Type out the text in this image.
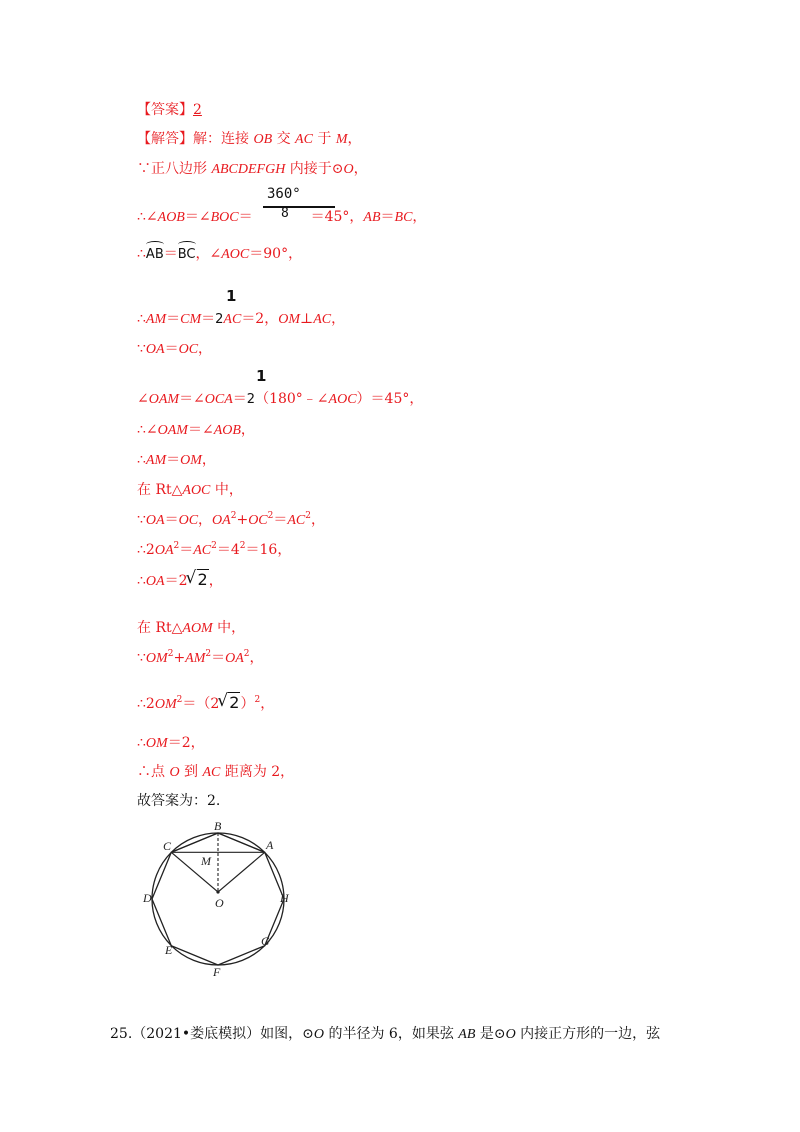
【答案】2
【解答】解：连接 OB 交 AC 于 M，
∵正八边形 ABCDEFGH 内接于⊙O，
∴∠AOB＝∠BOC＝	＝45°，AB＝BC，
360°
8
∴AB＝BC，∠AOC＝90°，
1
∴AM＝CM＝2AC＝2，OM⊥AC，
∵OA＝OC，
1
∠OAM＝∠OCA＝2（180°﹣∠AOC）＝45°，
∴∠OAM＝∠AOB，
∴AM＝OM，
在 Rt△AOC 中，
∵OA＝OC，$OA^2+OC^2=AC^2$，
$\therefore 2OA^2=AC^2=4^2=16$，
∴OA＝2√ 2，
在 Rt△AOM 中，
$\because OM^2+AM^2=OA^2$，
$\therefore 2OM^2=(2√$ 2）$^2$，
∴OM＝2，
∴点 O 到 AC 距离为 2，
故答案为：2.
B
C	A
M
D	H
O
E
G
F
25.（2021•娄底模拟）如图，⊙O 的半径为 6，如果弦 AB 是⊙O 内接正方形的一边，弦
